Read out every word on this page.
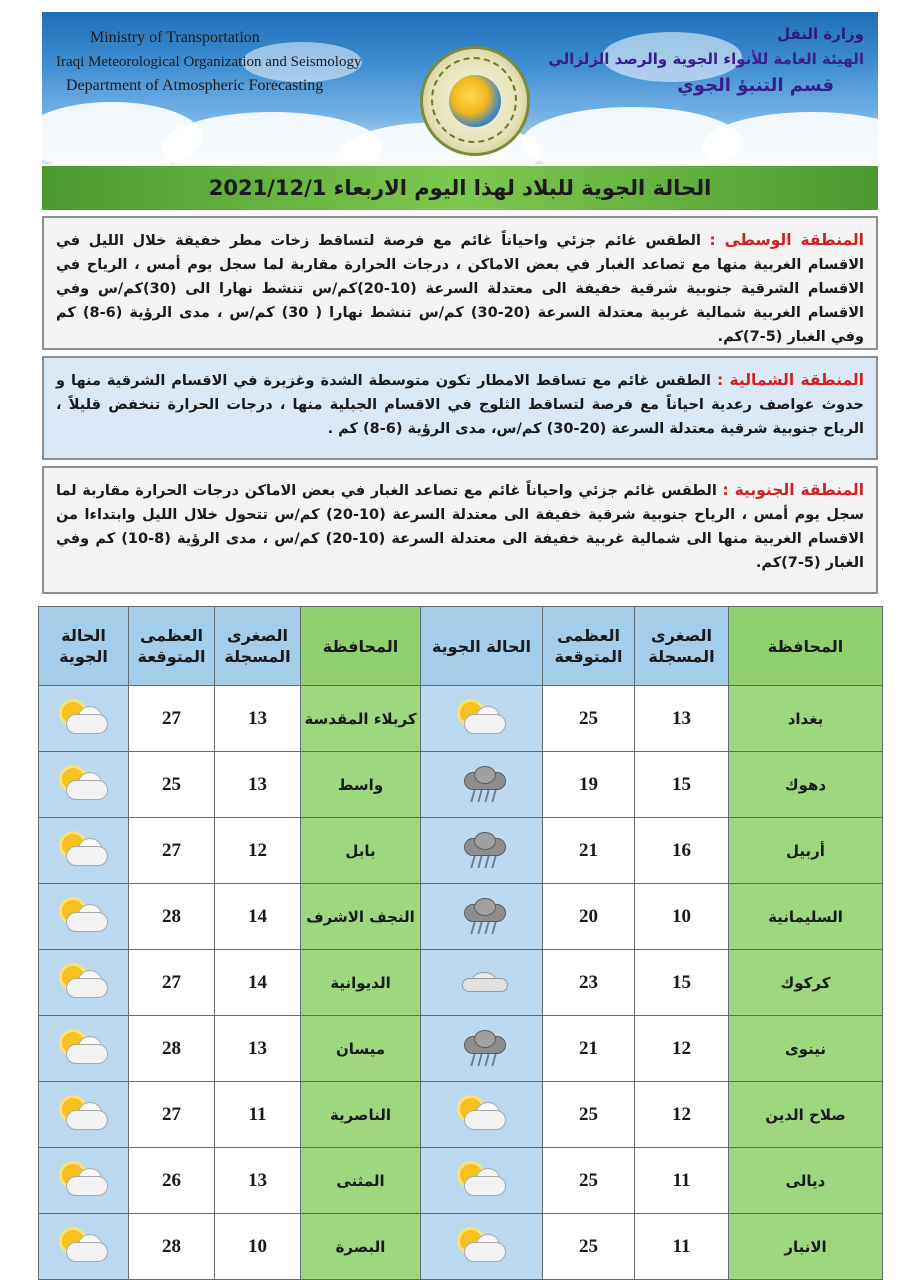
Ministry of Transportation
Iraqi Meteorological Organization and Seismology
Department of Atmospheric Forecasting
وزارة النقل
الهيئة العامة للأنواء الجوية والرصد الزلزالي
قسم التنبؤ الجوي
الحالة الجوية للبلاد لهذا اليوم الاربعاء 2021/12/1
المنطقة الوسطى : الطقس غائم جزئي واحياناً غائم مع فرصة لتساقط زخات مطر خفيفة خلال الليل في الاقسام الغربية منها مع تصاعد الغبار في بعض الاماكن ، درجات الحرارة مقاربة لما سجل يوم أمس ، الرياح في الاقسام الشرقية جنوبية شرقية خفيفة الى معتدلة السرعة (10-20)كم/س تنشط نهارا الى (30)كم/س وفي الاقسام الغربية شمالية غربية معتدلة السرعة (20-30) كم/س تنشط نهارا ( 30) كم/س ، مدى الرؤية (6-8) كم وفي الغبار (5-7)كم.
المنطقة الشمالية : الطقس غائم مع تساقط الامطار تكون متوسطة الشدة وغزيرة في الاقسام الشرقية منها و حدوث عواصف رعدية احياناً مع فرصة لتساقط الثلوج في الاقسام الجبلية منها ، درجات الحرارة تنخفض قليلاً ، الرياح جنوبية شرقية معتدلة السرعة (20-30) كم/س، مدى الرؤية (6-8) كم .
المنطقة الجنوبية : الطقس غائم جزئي واحياناً غائم مع تصاعد الغبار في بعض الاماكن درجات الحرارة مقاربة لما سجل يوم أمس ، الرياح جنوبية شرقية خفيفة الى معتدلة السرعة (10-20) كم/س تتحول خلال الليل وابتداءا من الاقسام الغربية منها الى شمالية غربية خفيفة الى معتدلة السرعة (10-20) كم/س ، مدى الرؤية (8-10) كم وفي الغبار (5-7)كم.
الحالة الجوية	العظمى المتوقعة	الصغرى المسجلة	المحافظة	الحالة الجوية	العظمى المتوقعة	الصغرى المسجلة	المحافظة

	27	13	كربلاء المقدسة		25	13	بغداد

	25	13	واسط		19	15	دهوك

	27	12	بابل		21	16	أربيل

	28	14	النجف الاشرف		20	10	السليمانية

	27	14	الديوانية		23	15	كركوك

	28	13	ميسان		21	12	نينوى

	27	11	الناصرية		25	12	صلاح الدين

	26	13	المثنى		25	11	ديالى

	28	10	البصرة		25	11	الانبار
